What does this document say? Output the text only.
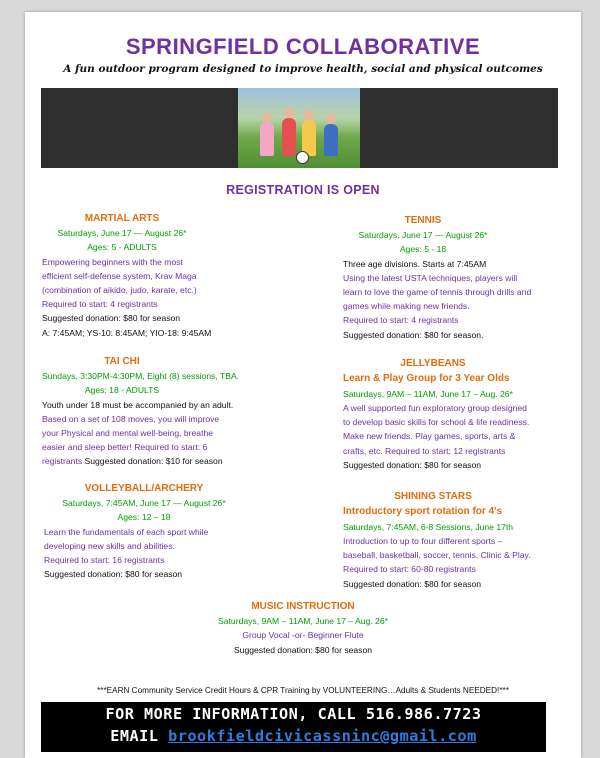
SPRINGFIELD COLLABORATIVE
A fun outdoor program designed to improve health, social and physical outcomes
REGISTRATION IS OPEN
MARTIAL ARTS
Saturdays, June 17 — August 26*
Ages: 5 - ADULTS
Empowering beginners with the most
efficient self-defense system, Krav Maga
(combination of aikido, judo, karate, etc.)
Required to start: 4 registrants
Suggested donation: $80 for season
A: 7:45AM; YS-10: 8:45AM; YIO-18: 9:45AM
TAI CHI
Sundays, 3:30PM-4:30PM, Eight (8) sessions, TBA.
Ages: 18 - ADULTS
Youth under 18 must be accompanied by an adult.
Based on a set of 108 moves, you will improve
your Physical and mental well-being, breathe
easier and sleep better! Required to start: 6
registrants Suggested donation: $10 for season
VOLLEYBALL/ARCHERY
Saturdays, 7:45AM, June 17 — August 26*
Ages: 12 – 18
Learn the fundamentals of each sport while
developing new skills and abilities.
Required to start: 16 registrants
Suggested donation: $80 for season
TENNIS
Saturdays, June 17 — August 26*
Ages: 5 - 18
Three age divisions. Starts at 7:45AM
Using the latest USTA techniques, players will
learn to love the game of tennis through drills and
games while making new friends.
Required to start: 4 registrants
Suggested donation: $80 for season.
JELLYBEANS
Learn & Play Group for 3 Year Olds
Saturdays, 9AM – 11AM, June 17 – Aug. 26*
A well supported fun exploratory group designed
to develop basic skills for school & life readiness.
Make new friends. Play games, sports, arts &
crafts, etc. Required to start: 12 registrants
Suggested donation: $80 for season
SHINING STARS
Introductory sport rotation for 4's
Saturdays, 7:45AM, 6-8 Sessions, June 17th
Introduction to up to four different sports –
baseball, basketball, soccer, tennis. Clinic & Play.
Required to start: 60-80 registrants
Suggested donation: $80 for season
MUSIC INSTRUCTION
Saturdays, 9AM – 11AM, June 17 – Aug. 26*
Group Vocal -or- Beginner Flute
Suggested donation: $80 for season
***EARN Community Service Credit Hours & CPR Training by VOLUNTEERING…Adults & Students NEEDED!***
FOR MORE INFORMATION, CALL 516.986.7723
EMAIL brookfieldcivicassninc@gmail.com
